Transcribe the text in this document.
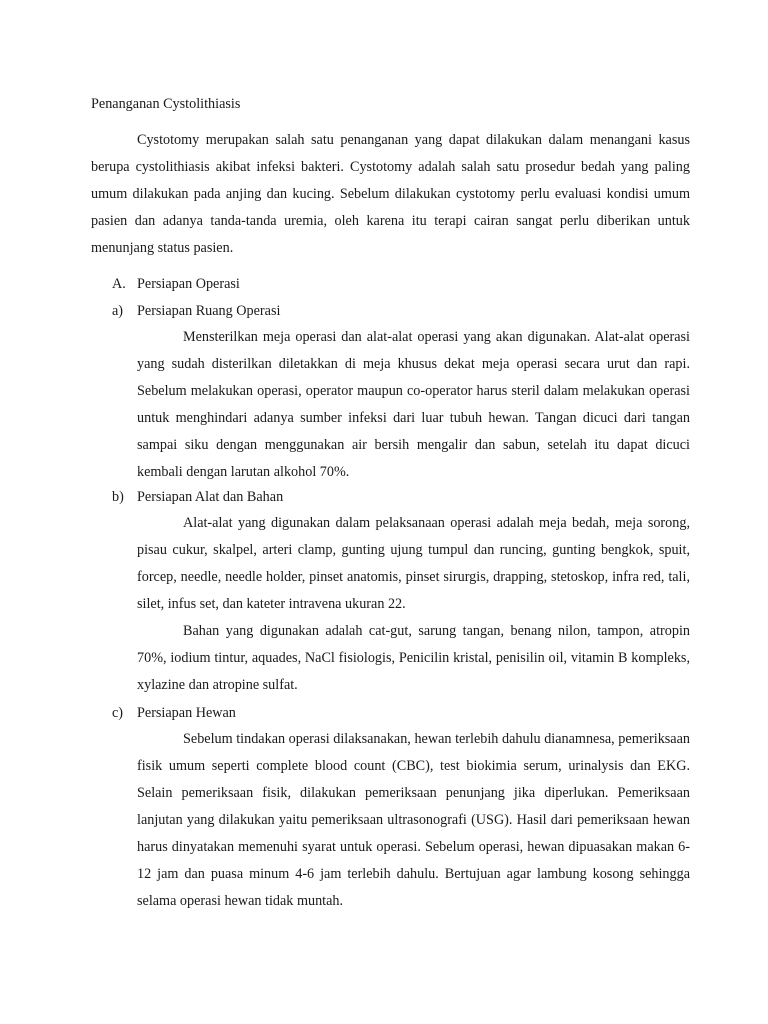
Penanganan Cystolithiasis

Cystotomy merupakan salah satu penanganan yang dapat dilakukan dalam menangani kasus berupa cystolithiasis akibat infeksi bakteri. Cystotomy adalah salah satu prosedur bedah yang paling umum dilakukan pada anjing dan kucing. Sebelum dilakukan cystotomy perlu evaluasi kondisi umum pasien dan adanya tanda-tanda uremia, oleh karena itu terapi cairan sangat perlu diberikan untuk menunjang status pasien.

A. Persiapan Operasi
a) Persiapan Ruang Operasi

Mensterilkan meja operasi dan alat-alat operasi yang akan digunakan. Alat-alat operasi yang sudah disterilkan diletakkan di meja khusus dekat meja operasi secara urut dan rapi. Sebelum melakukan operasi, operator maupun co-operator harus steril dalam melakukan operasi untuk menghindari adanya sumber infeksi dari luar tubuh hewan. Tangan dicuci dari tangan sampai siku dengan menggunakan air bersih mengalir dan sabun, setelah itu dapat dicuci kembali dengan larutan alkohol 70%.

b) Persiapan Alat dan Bahan

Alat-alat yang digunakan dalam pelaksanaan operasi adalah meja bedah, meja sorong, pisau cukur, skalpel, arteri clamp, gunting ujung tumpul dan runcing, gunting bengkok, spuit, forcep, needle, needle holder, pinset anatomis, pinset sirurgis, drapping, stetoskop, infra red, tali, silet, infus set, dan kateter intravena ukuran 22.

Bahan yang digunakan adalah cat-gut, sarung tangan, benang nilon, tampon, atropin 70%, iodium tintur, aquades, NaCl fisiologis, Penicilin kristal, penisilin oil, vitamin B kompleks, xylazine dan atropine sulfat.

c) Persiapan Hewan

Sebelum tindakan operasi dilaksanakan, hewan terlebih dahulu dianamnesa, pemeriksaan fisik umum seperti complete blood count (CBC), test biokimia serum, urinalysis dan EKG. Selain pemeriksaan fisik, dilakukan pemeriksaan penunjang jika diperlukan. Pemeriksaan lanjutan yang dilakukan yaitu pemeriksaan ultrasonografi (USG). Hasil dari pemeriksaan hewan harus dinyatakan memenuhi syarat untuk operasi. Sebelum operasi, hewan dipuasakan makan 6-12 jam dan puasa minum 4-6 jam terlebih dahulu. Bertujuan agar lambung kosong sehingga selama operasi hewan tidak muntah.
